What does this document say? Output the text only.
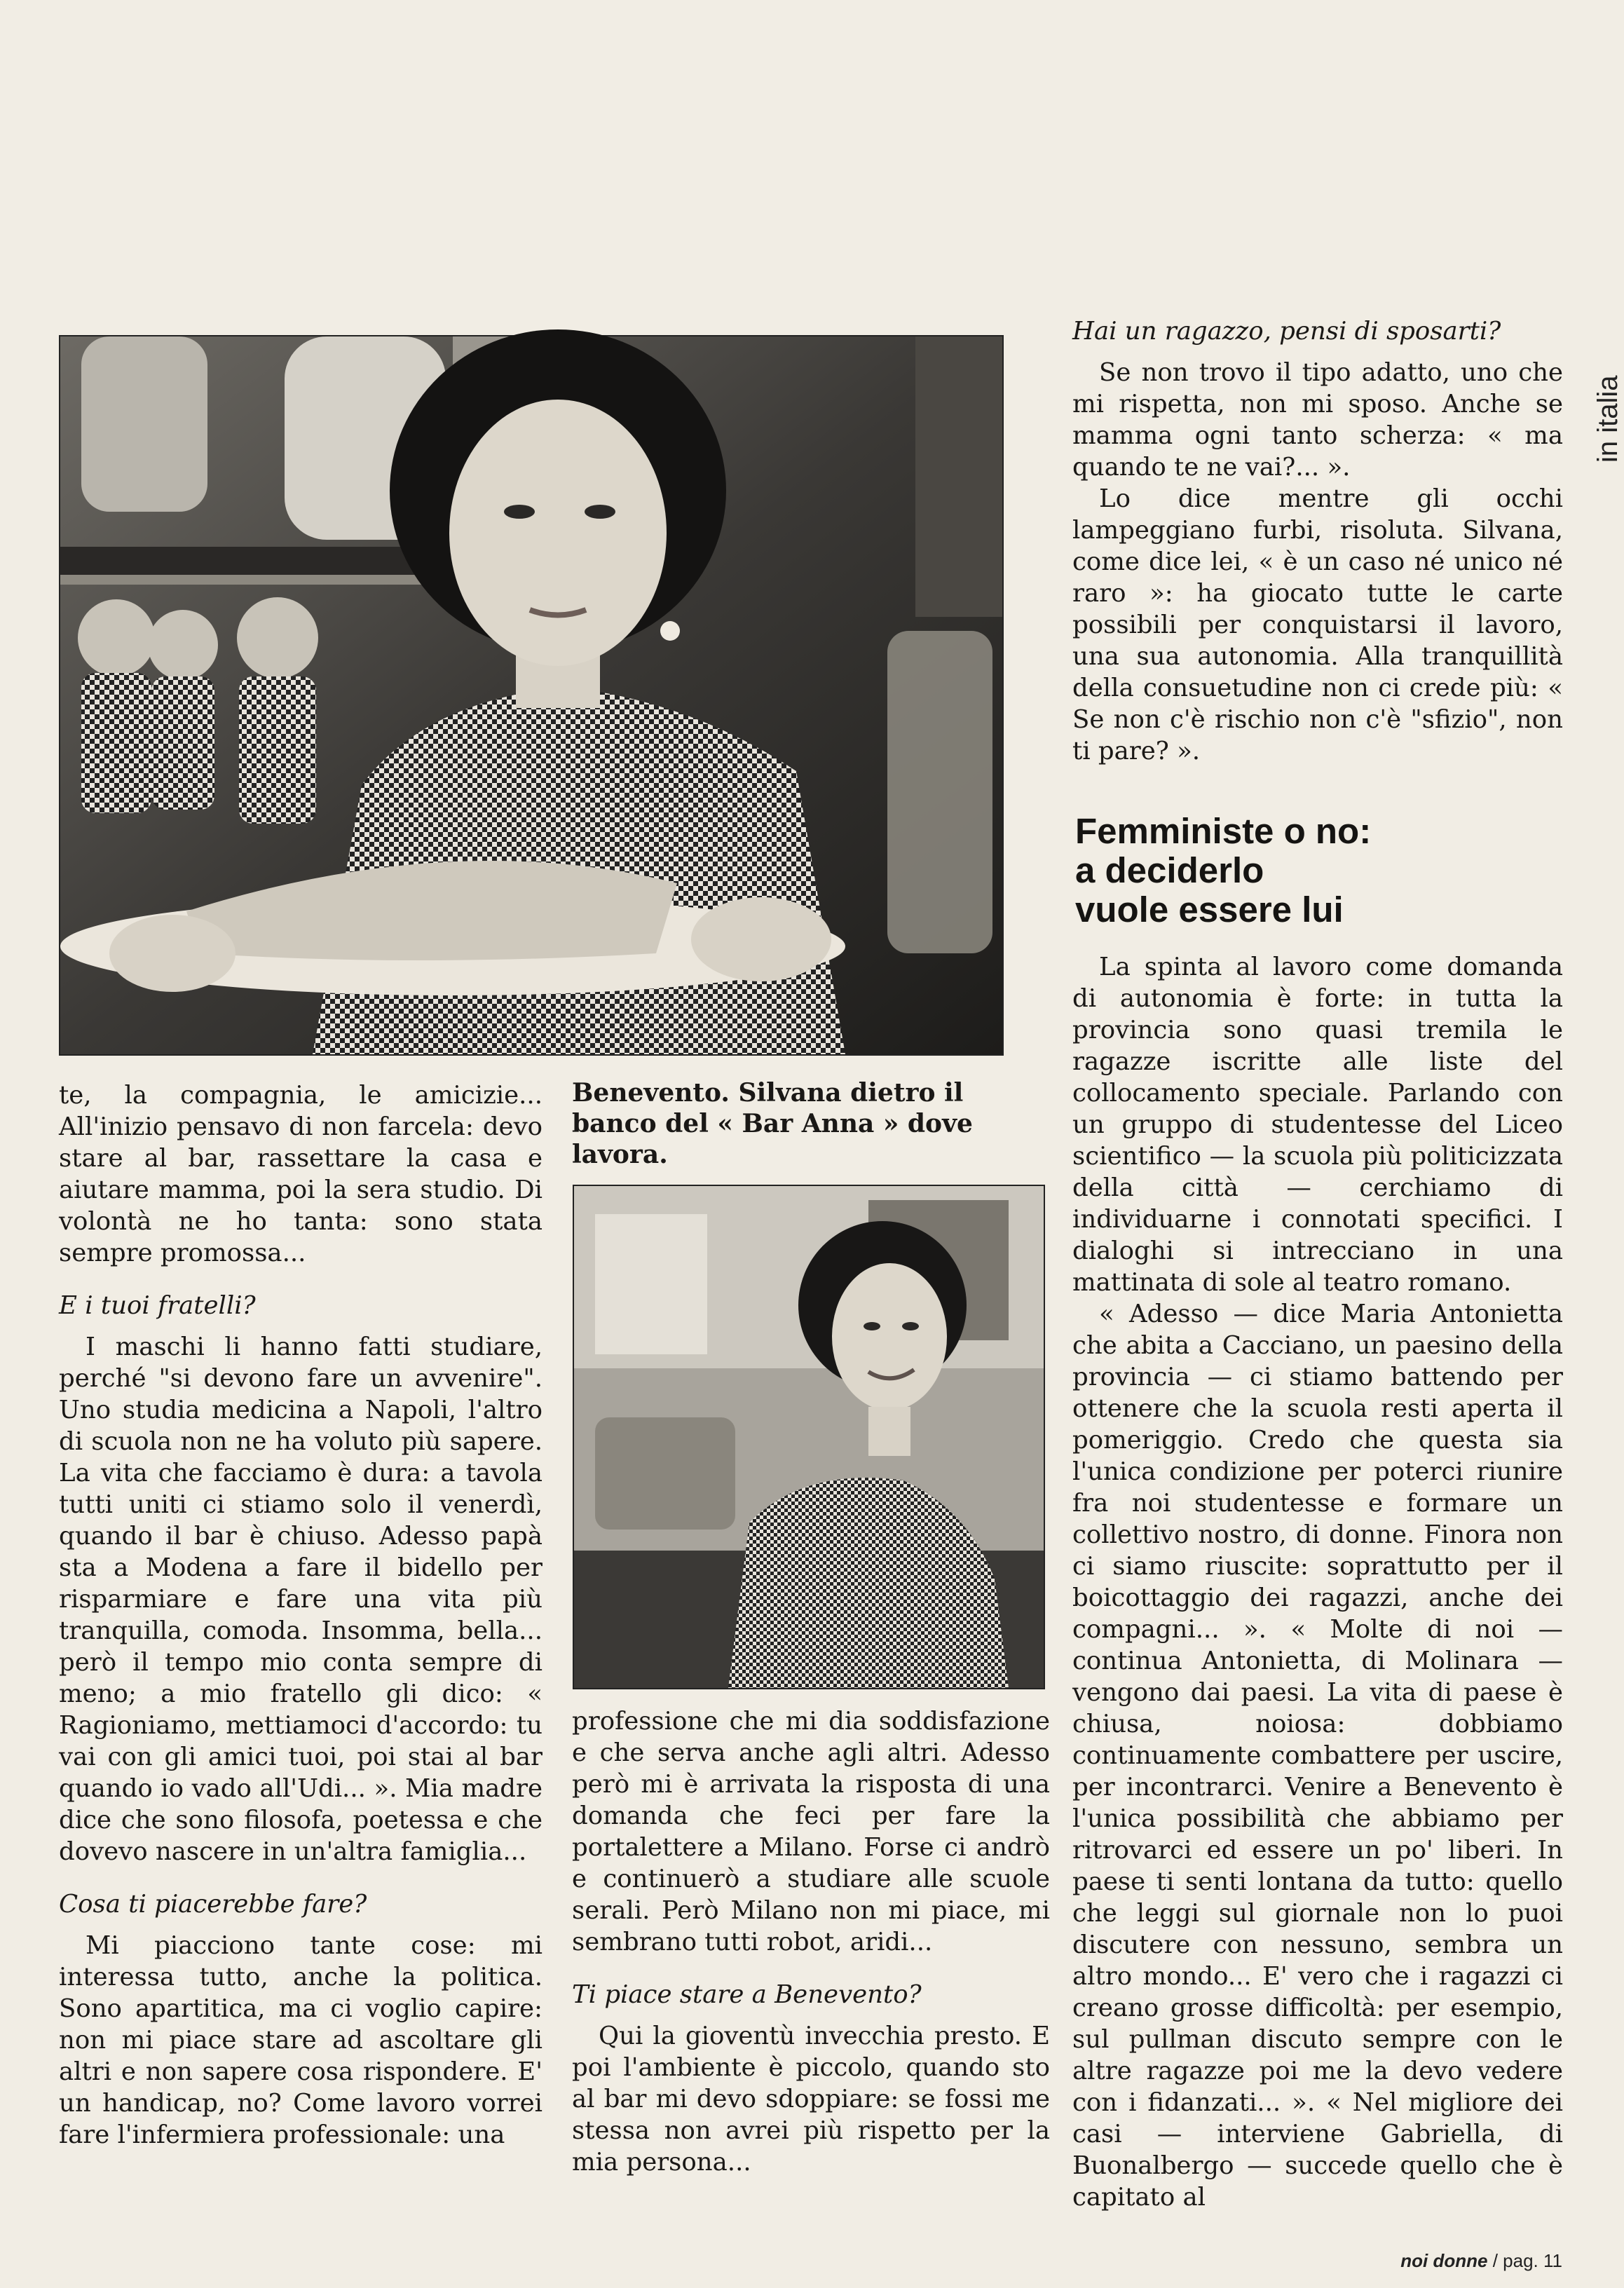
in italia
Benevento. Silvana dietro il banco del « Bar Anna » dove lavora.

te, la compagnia, le amicizie... All'inizio pensavo di non farcela: devo stare al bar, rassettare la casa e aiutare mamma, poi la sera studio. Di volontà ne ho tanta: sono stata sempre promossa...

E i tuoi fratelli?

I maschi li hanno fatti studiare, perché "si devono fare un avvenire". Uno studia medicina a Napoli, l'altro di scuola non ne ha voluto più sapere. La vita che facciamo è dura: a tavola tutti uniti ci stiamo solo il venerdì, quando il bar è chiuso. Adesso papà sta a Modena a fare il bidello per risparmiare e fare una vita più tranquilla, comoda. Insomma, bella... però il tempo mio conta sempre di meno; a mio fratello gli dico: « Ragioniamo, mettiamoci d'accordo: tu vai con gli amici tuoi, poi stai al bar quando io vado all'Udi... ». Mia madre dice che sono filosofa, poetessa e che dovevo nascere in un'altra famiglia...

Cosa ti piacerebbe fare?

Mi piacciono tante cose: mi interessa tutto, anche la politica. Sono apartitica, ma ci voglio capire: non mi piace stare ad ascoltare gli altri e non sapere cosa rispondere. E' un handicap, no? Come lavoro vorrei fare l'infermiera professionale: una

professione che mi dia soddisfazione e che serva anche agli altri. Adesso però mi è arrivata la risposta di una domanda che feci per fare la portalettere a Milano. Forse ci andrò e continuerò a studiare alle scuole serali. Però Milano non mi piace, mi sembrano tutti robot, aridi...

Ti piace stare a Benevento?

Qui la gioventù invecchia presto. E poi l'ambiente è piccolo, quando sto al bar mi devo sdoppiare: se fossi me stessa non avrei più rispetto per la mia persona...

Hai un ragazzo, pensi di sposarti?

Se non trovo il tipo adatto, uno che mi rispetta, non mi sposo. Anche se mamma ogni tanto scherza: « ma quando te ne vai?... ».

Lo dice mentre gli occhi lampeggiano furbi, risoluta. Silvana, come dice lei, « è un caso né unico né raro »: ha giocato tutte le carte possibili per conquistarsi il lavoro, una sua autonomia. Alla tranquillità della consuetudine non ci crede più: « Se non c'è rischio non c'è "sfizio", non ti pare? ».

Femministe o no:
a deciderlo
vuole essere lui

La spinta al lavoro come domanda di autonomia è forte: in tutta la provincia sono quasi tremila le ragazze iscritte alle liste del collocamento speciale. Parlando con un gruppo di studentesse del Liceo scientifico — la scuola più politicizzata della città — cerchiamo di individuarne i connotati specifici. I dialoghi si intrecciano in una mattinata di sole al teatro romano.

« Adesso — dice Maria Antonietta che abita a Cacciano, un paesino della provincia — ci stiamo battendo per ottenere che la scuola resti aperta il pomeriggio. Credo che questa sia l'unica condizione per poterci riunire fra noi studentesse e formare un collettivo nostro, di donne. Finora non ci siamo riuscite: soprattutto per il boicottaggio dei ragazzi, anche dei compagni... ». « Molte di noi — continua Antonietta, di Molinara — vengono dai paesi. La vita di paese è chiusa, noiosa: dobbiamo continuamente combattere per uscire, per incontrarci. Venire a Benevento è l'unica possibilità che abbiamo per ritrovarci ed essere un po' liberi. In paese ti senti lontana da tutto: quello che leggi sul giornale non lo puoi discutere con nessuno, sembra un altro mondo... E' vero che i ragazzi ci creano grosse difficoltà: per esempio, sul pullman discuto sempre con le altre ragazze poi me la devo vedere con i fidanzati... ». « Nel migliore dei casi — interviene Gabriella, di Buonalbergo — succede quello che è capitato al

noi donne / pag. 11
